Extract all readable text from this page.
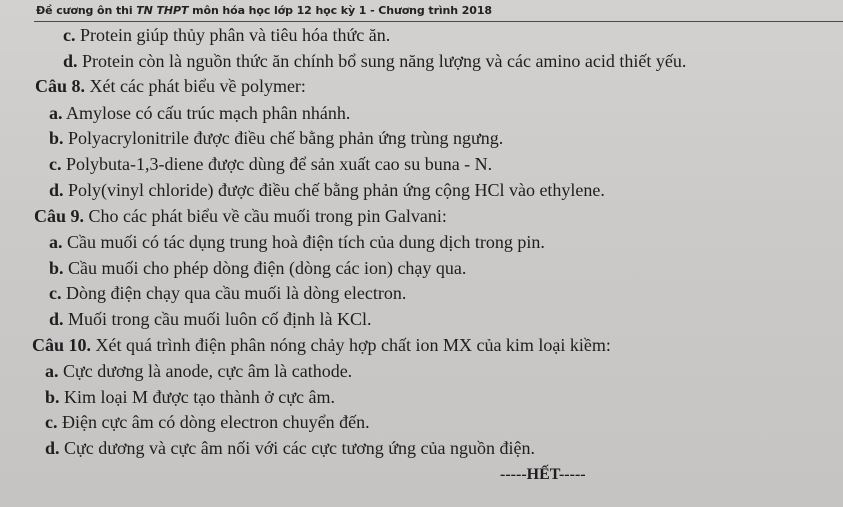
Đề cương ôn thi TN THPT môn hóa học lớp 12 học kỳ 1 - Chương trình 2018
c. Protein giúp thủy phân và tiêu hóa thức ăn.
d. Protein còn là nguồn thức ăn chính bổ sung năng lượng và các amino acid thiết yếu.
Câu 8. Xét các phát biểu về polymer:
a. Amylose có cấu trúc mạch phân nhánh.
b. Polyacrylonitrile được điều chế bằng phản ứng trùng ngưng.
c. Polybuta-1,3-diene được dùng để sản xuất cao su buna - N.
d. Poly(vinyl chloride) được điều chế bằng phản ứng cộng HCl vào ethylene.
Câu 9. Cho các phát biểu về cầu muối trong pin Galvani:
a. Cầu muối có tác dụng trung hoà điện tích của dung dịch trong pin.
b. Cầu muối cho phép dòng điện (dòng các ion) chạy qua.
c. Dòng điện chạy qua cầu muối là dòng electron.
d. Muối trong cầu muối luôn cố định là KCl.
Câu 10. Xét quá trình điện phân nóng chảy hợp chất ion MX của kim loại kiềm:
a. Cực dương là anode, cực âm là cathode.
b. Kim loại M được tạo thành ở cực âm.
c. Điện cực âm có dòng electron chuyển đến.
d. Cực dương và cực âm nối với các cực tương ứng của nguồn điện.
-----HẾT-----
